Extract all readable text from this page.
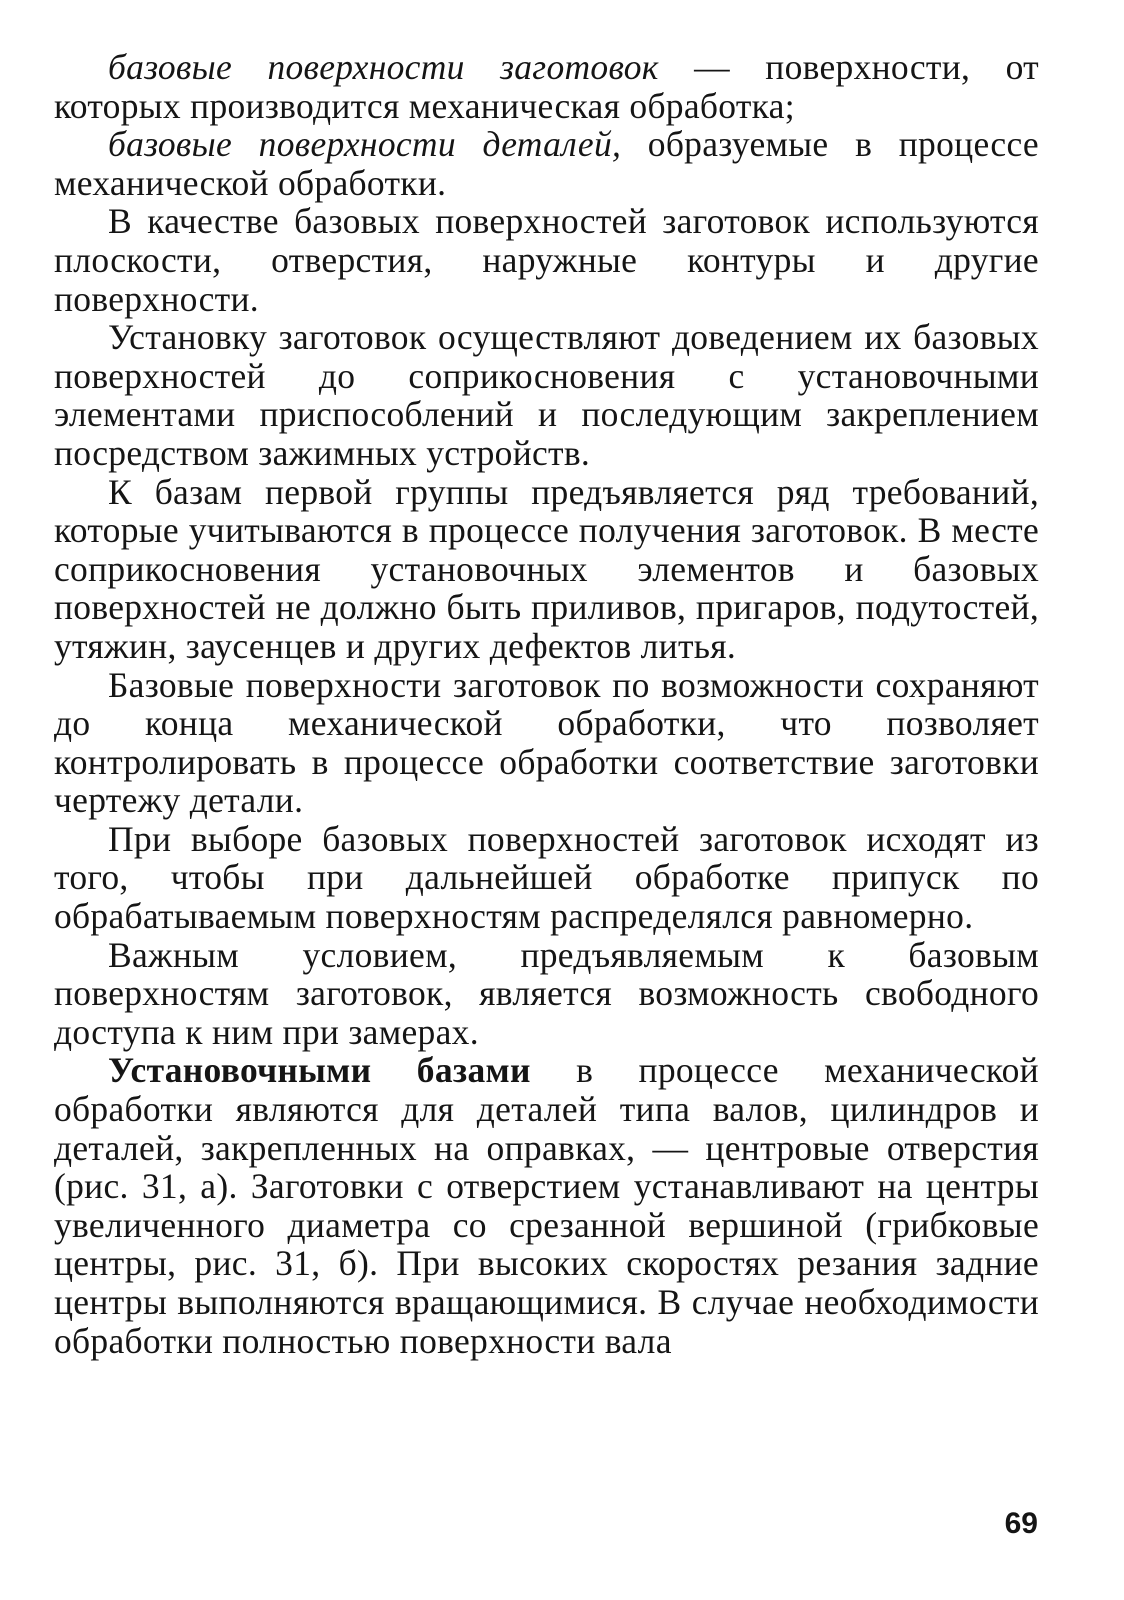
базовые поверхности заготовок — поверхности, от которых производится механическая обработка;

базовые поверхности деталей, образуемые в процессе механической обработки.

В качестве базовых поверхностей заготовок используются плоскости, отверстия, наружные контуры и другие поверхности.

Установку заготовок осуществляют доведением их базовых поверхностей до соприкосновения с установочными элементами приспособлений и последующим закреплением посредством зажимных устройств.

К базам первой группы предъявляется ряд требований, которые учитываются в процессе получения заготовок. В месте соприкосновения установочных элементов и базовых поверхностей не должно быть приливов, пригаров, подутостей, утяжин, заусенцев и других дефектов литья.

Базовые поверхности заготовок по возможности сохраняют до конца механической обработки, что позволяет контролировать в процессе обработки соответствие заготовки чертежу детали.

При выборе базовых поверхностей заготовок исходят из того, чтобы при дальнейшей обработке припуск по обрабатываемым поверхностям распределялся равномерно.

Важным условием, предъявляемым к базовым поверхностям заготовок, является возможность свободного доступа к ним при замерах.

Установочными базами в процессе механической обработки являются для деталей типа валов, цилиндров и деталей, закрепленных на оправках, — центровые отверстия (рис. 31, а). Заготовки с отверстием устанавливают на центры увеличенного диаметра со срезанной вершиной (грибковые центры, рис. 31, б). При высоких скоростях резания задние центры выполняются вращающимися. В случае необходимости обработки полностью поверхности вала

69
